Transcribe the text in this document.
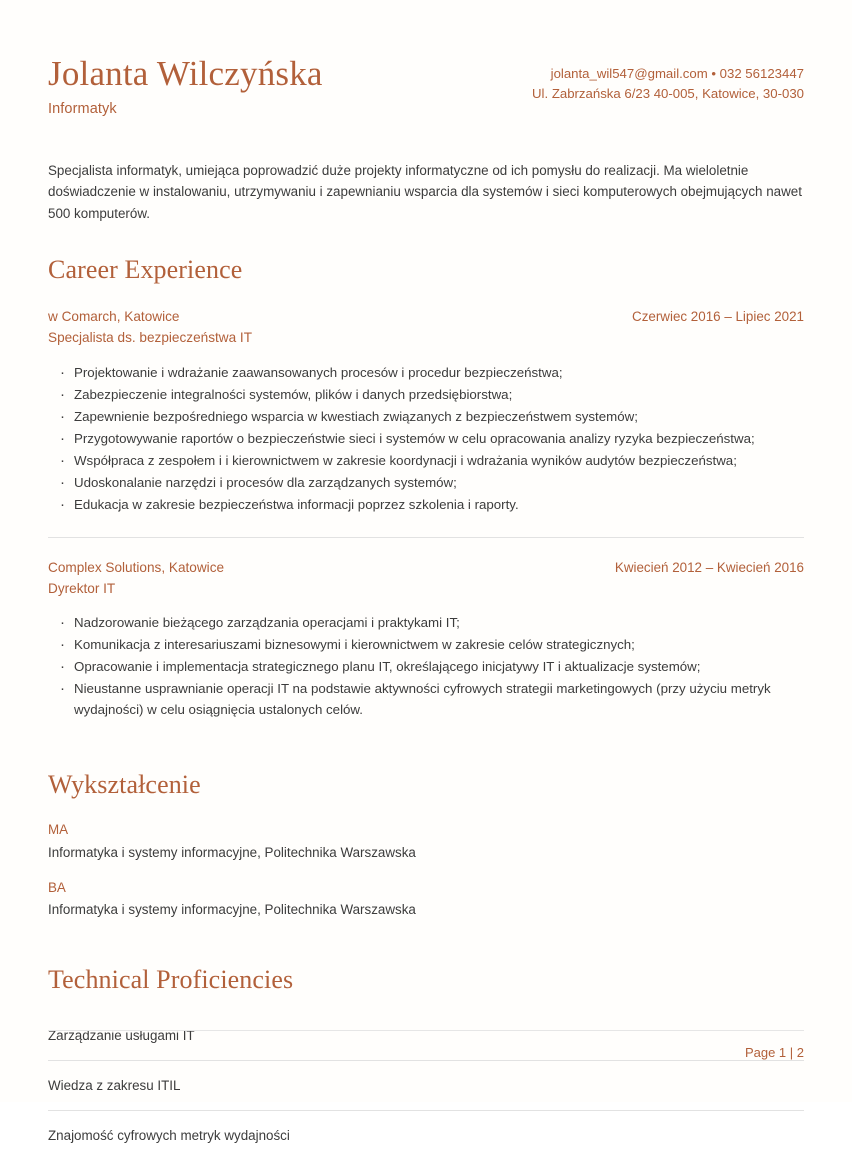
Jolanta Wilczyńska
Informatyk
jolanta_wil547@gmail.com • 032 56123447
Ul. Zabrzańska 6/23 40-005, Katowice, 30-030
Specjalista informatyk, umiejąca poprowadzić duże projekty informatyczne od ich pomysłu do realizacji. Ma wieloletnie doświadczenie w instalowaniu, utrzymywaniu i zapewnianiu wsparcia dla systemów i sieci komputerowych obejmujących nawet 500 komputerów.
Career Experience
w Comarch, Katowice	Czerwiec 2016 – Lipiec 2021
Specjalista ds. bezpieczeństwa IT
· Projektowanie i wdrażanie zaawansowanych procesów i procedur bezpieczeństwa;
· Zabezpieczenie integralności systemów, plików i danych przedsiębiorstwa;
· Zapewnienie bezpośredniego wsparcia w kwestiach związanych z bezpieczeństwem systemów;
· Przygotowywanie raportów o bezpieczeństwie sieci i systemów w celu opracowania analizy ryzyka bezpieczeństwa;
· Współpraca z zespołem i i kierownictwem w zakresie koordynacji i wdrażania wyników audytów bezpieczeństwa;
· Udoskonalanie narzędzi i procesów dla zarządzanych systemów;
· Edukacja w zakresie bezpieczeństwa informacji poprzez szkolenia i raporty.
Complex Solutions, Katowice	Kwiecień 2012 – Kwiecień 2016
Dyrektor IT
· Nadzorowanie bieżącego zarządzania operacjami i praktykami IT;
· Komunikacja z interesariuszami biznesowymi i kierownictwem w zakresie celów strategicznych;
· Opracowanie i implementacja strategicznego planu IT, określającego inicjatywy IT i aktualizacje systemów;
· Nieustanne usprawnianie operacji IT na podstawie aktywności cyfrowych strategii marketingowych (przy użyciu metryk wydajności) w celu osiągnięcia ustalonych celów.
Wykształcenie
MA
Informatyka i systemy informacyjne, Politechnika Warszawska
BA
Informatyka i systemy informacyjne, Politechnika Warszawska
Technical Proficiencies
Zarządzanie usługami IT
Wiedza z zakresu ITIL
Znajomość cyfrowych metryk wydajności
Page 1 | 2
